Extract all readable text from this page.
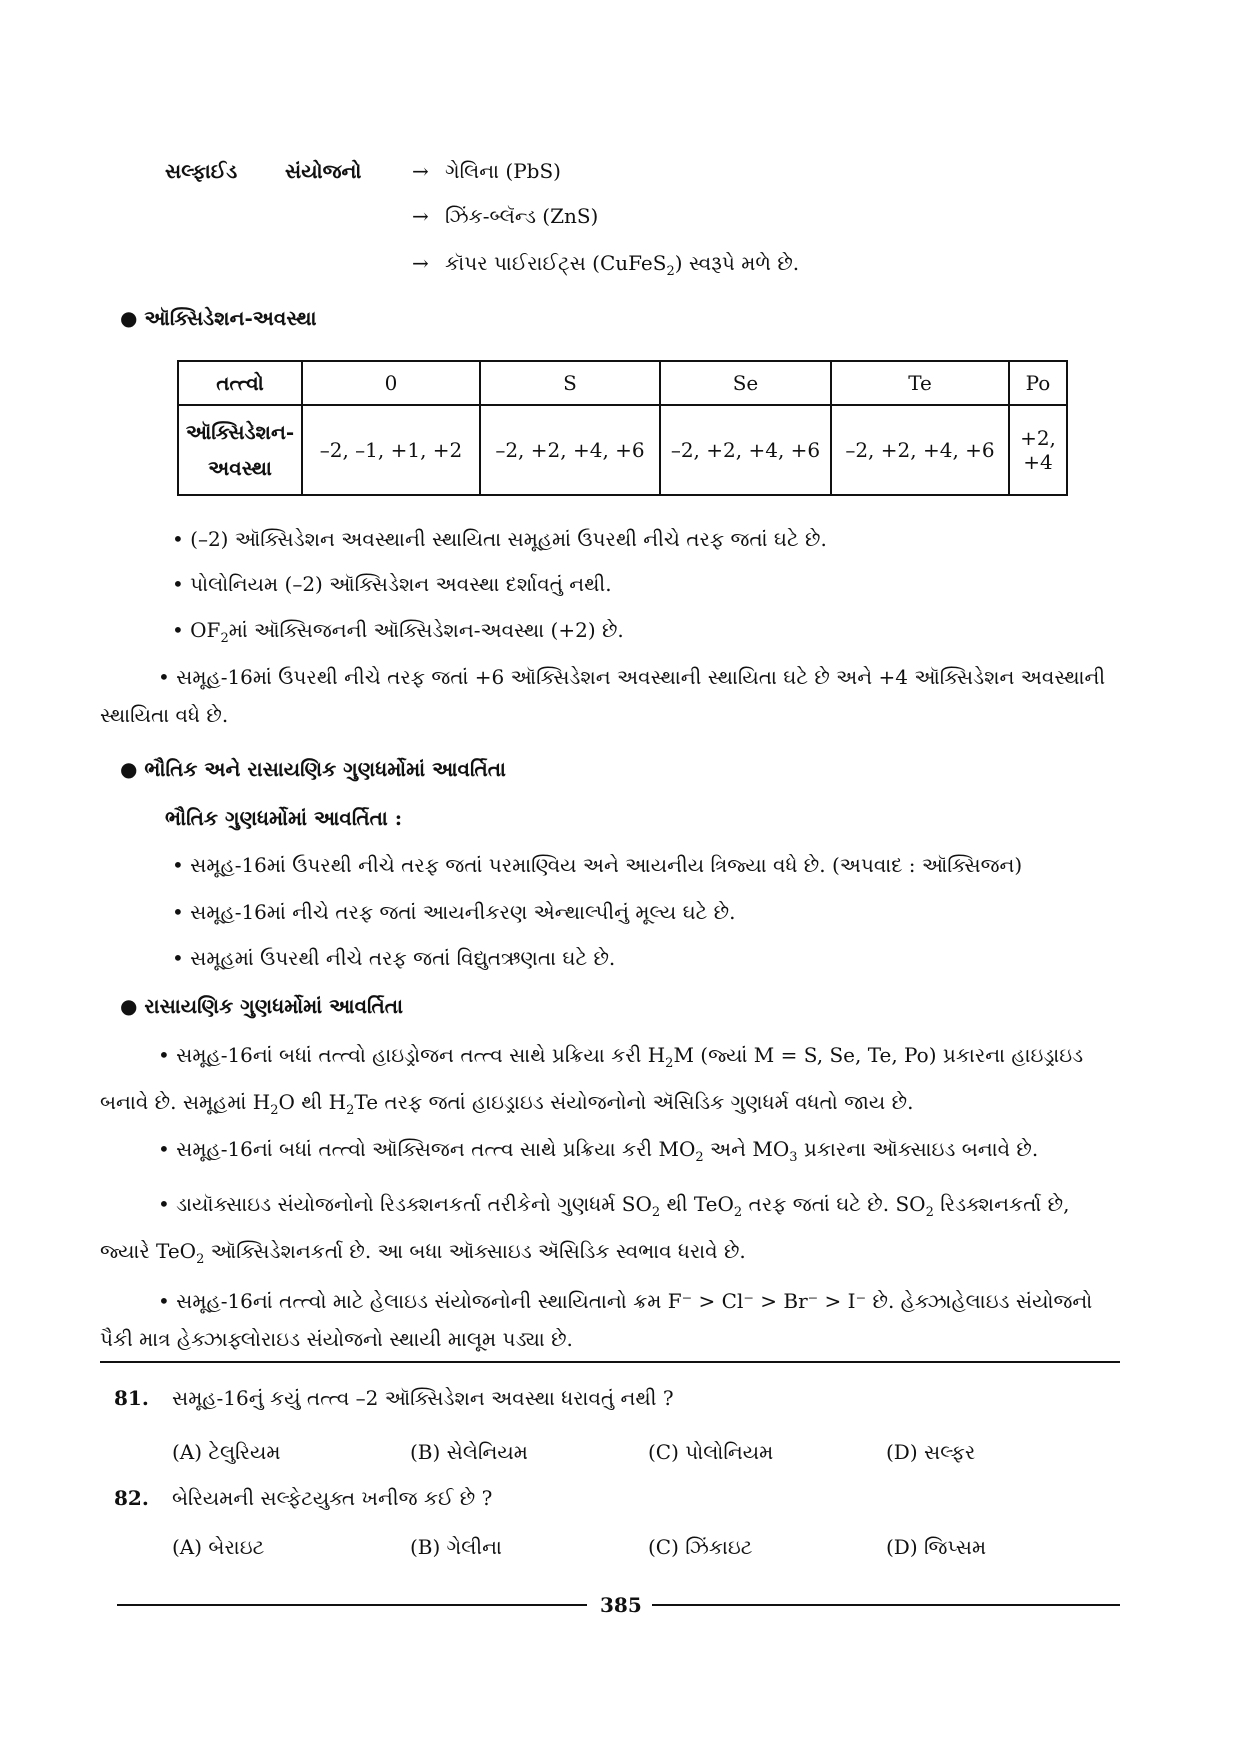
સલ્ફાઈડ સંયોજનો	→ ગેલિના (PbS)
→ ઝિંક-બ્લૅન્ડ (ZnS)
→ કૉપર પાઈરાઈટ્સ (CuFeS$_2$) સ્વરૂપે મળે છે.
● ઑક્સિડેશન-અવસ્થા
તત્ત્વો	0	S	Se	Te	Po
ઑક્સિડેશન-
અવસ્થા	–2, –1, +1, +2	–2, +2, +4, +6	–2, +2, +4, +6	–2, +2, +4, +6	+2, +4
• (–2) ઑક્સિડેશન અવસ્થાની સ્થાયિતા સમૂહમાં ઉપરથી નીચે તરફ જતાં ઘટે છે.
• પોલોનિયમ (–2) ઑક્સિડેશન અવસ્થા દર્શાવતું નથી.
• $OF_2માં$ ઑક્સિજનની ઑક્સિડેશન-અવસ્થા (+2) છે.
• સમૂહ-16માં ઉપરથી નીચે તરફ જતાં +6 ઑક્સિડેશન અવસ્થાની સ્થાયિતા ઘટે છે અને +4 ઑક્સિડેશન અવસ્થાની સ્થાયિતા વધે છે.
● ભૌતિક અને રાસાયણિક ગુણધર્મોમાં આવર્તિતા
ભૌતિક ગુણધર્મોમાં આવર્તિતા :
• સમૂહ-16માં ઉપરથી નીચે તરફ જતાં પરમાણ્વિય અને આયનીય ત્રિજ્યા વધે છે. (અપવાદ : ઑક્સિજન)
• સમૂહ-16માં નીચે તરફ જતાં આયનીકરણ એન્થાલ્પીનું મૂલ્ય ઘટે છે.
• સમૂહમાં ઉપરથી નીચે તરફ જતાં વિદ્યુતઋણતા ઘટે છે.
● રાસાયણિક ગુણધર્મોમાં આવર્તિતા
• સમૂહ-16નાં બધાં તત્ત્વો હાઇડ્રોજન તત્ત્વ સાથે પ્રક્રિયા કરી $H_2M$ (જ્યાં M = S, Se, Te, Po) પ્રકારના હાઇડ્રાઇડ બનાવે છે. સમૂહમાં $H_2O$ થી $H_2Te$ તરફ જતાં હાઇડ્રાઇડ સંયોજનોનો ઍસિડિક ગુણધર્મ વધતો જાય છે.
• સમૂહ-16નાં બધાં તત્ત્વો ઑક્સિજન તત્ત્વ સાથે પ્રક્રિયા કરી $MO_2$ અને $MO_3$ પ્રકારના ઑક્સાઇડ બનાવે છે.
• ડાયૉક્સાઇડ સંયોજનોનો રિડક્શનકર્તા તરીકેનો ગુણધર્મ $SO_2$ થી TeO$_2$ તરફ જતાં ઘટે છે. $SO_2$ રિડક્શનકર્તા છે, જ્યારે TeO$_2$ ઑક્સિડેશનકર્તા છે. આ બધા ઑક્સાઇડ ઍસિડિક સ્વભાવ ધરાવે છે.
• સમૂહ-16નાં તત્ત્વો માટે હેલાઇડ સંયોજનોની સ્થાયિતાનો ક્રમ F⁻ > Cl⁻ > Br⁻ > I⁻ છે. હેક્ઝાહેલાઇડ સંયોજનો પૈકી માત્ર હેક્ઝાફ્લોરાઇડ સંયોજનો સ્થાયી માલૂમ પડ્યા છે.
81. સમૂહ-16નું કયું તત્ત્વ –2 ઑક્સિડેશન અવસ્થા ધરાવતું નથી ?
(A) ટેલુરિયમ	(B) સેલેનિયમ	(C) પોલોનિયમ	(D) સલ્ફર
82. બેરિયમની સલ્ફેટયુક્ત ખનીજ કઈ છે ?
(A) બેરાઇટ	(B) ગેલીના	(C) ઝિંકાઇટ	(D) જિપ્સમ
385
